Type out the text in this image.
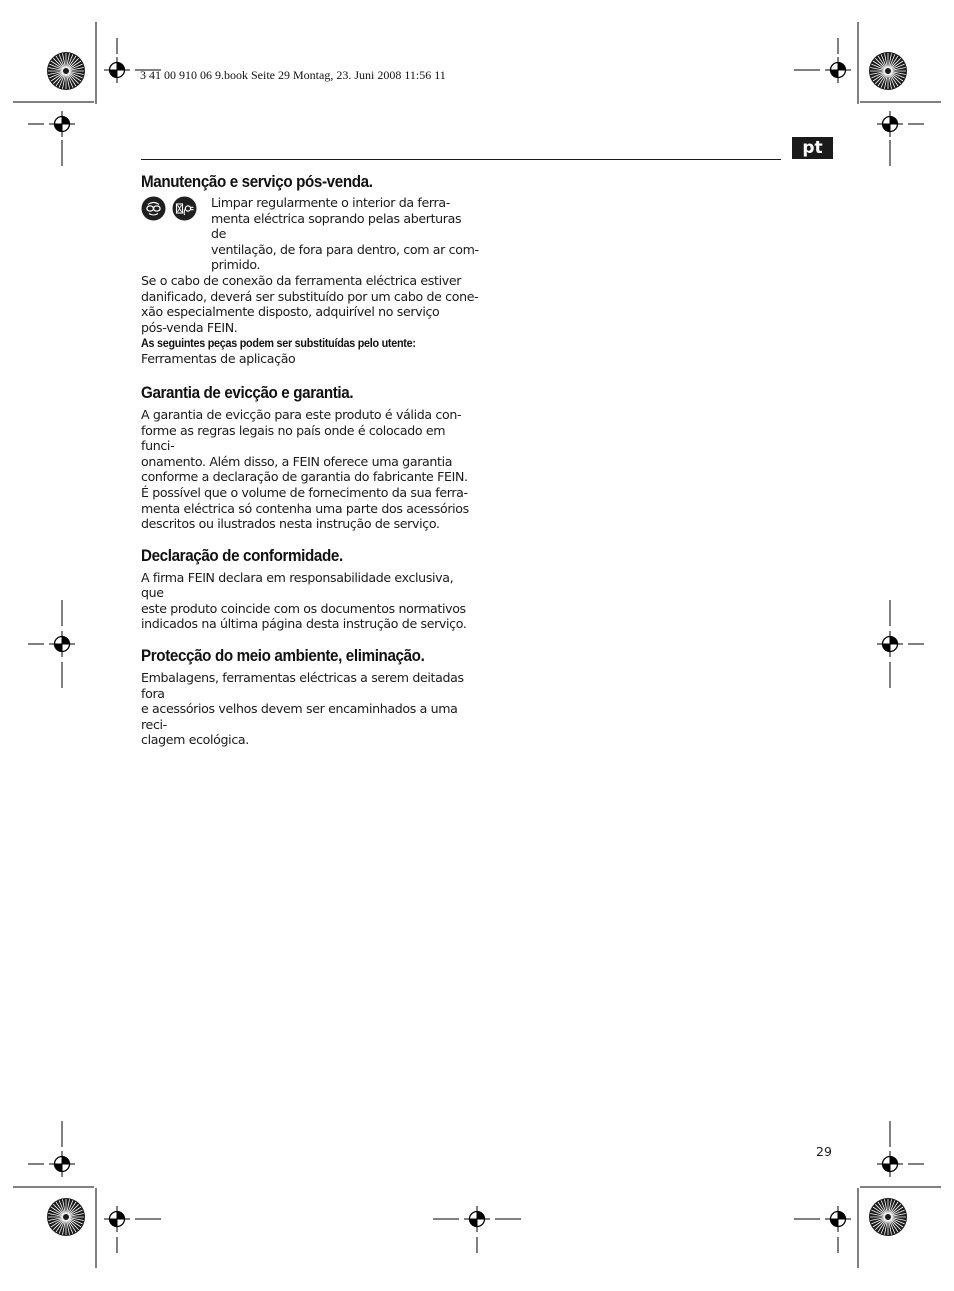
3 41 00 910 06 9.book Seite 29 Montag, 23. Juni 2008 11:56 11
pt
Manutenção e serviço pós-venda.

Limpar regularmente o interior da ferra-

menta eléctrica soprando pelas aberturas de

ventilação, de fora para dentro, com ar com-

primido.

Se o cabo de conexão da ferramenta eléctrica estiver

danificado, deverá ser substituído por um cabo de cone-

xão especialmente disposto, adquirível no serviço

pós-venda FEIN.

As seguintes peças podem ser substituídas pelo utente:

Ferramentas de aplicação

Garantia de evicção e garantia.

A garantia de evicção para este produto é válida con-

forme as regras legais no país onde é colocado em funci-

onamento. Além disso, a FEIN oferece uma garantia

conforme a declaração de garantia do fabricante FEIN.

É possível que o volume de fornecimento da sua ferra-

menta eléctrica só contenha uma parte dos acessórios

descritos ou ilustrados nesta instrução de serviço.

Declaração de conformidade.

A firma FEIN declara em responsabilidade exclusiva, que

este produto coincide com os documentos normativos

indicados na última página desta instrução de serviço.

Protecção do meio ambiente, eliminação.

Embalagens, ferramentas eléctricas a serem deitadas fora

e acessórios velhos devem ser encaminhados a uma reci-

clagem ecológica.

29
